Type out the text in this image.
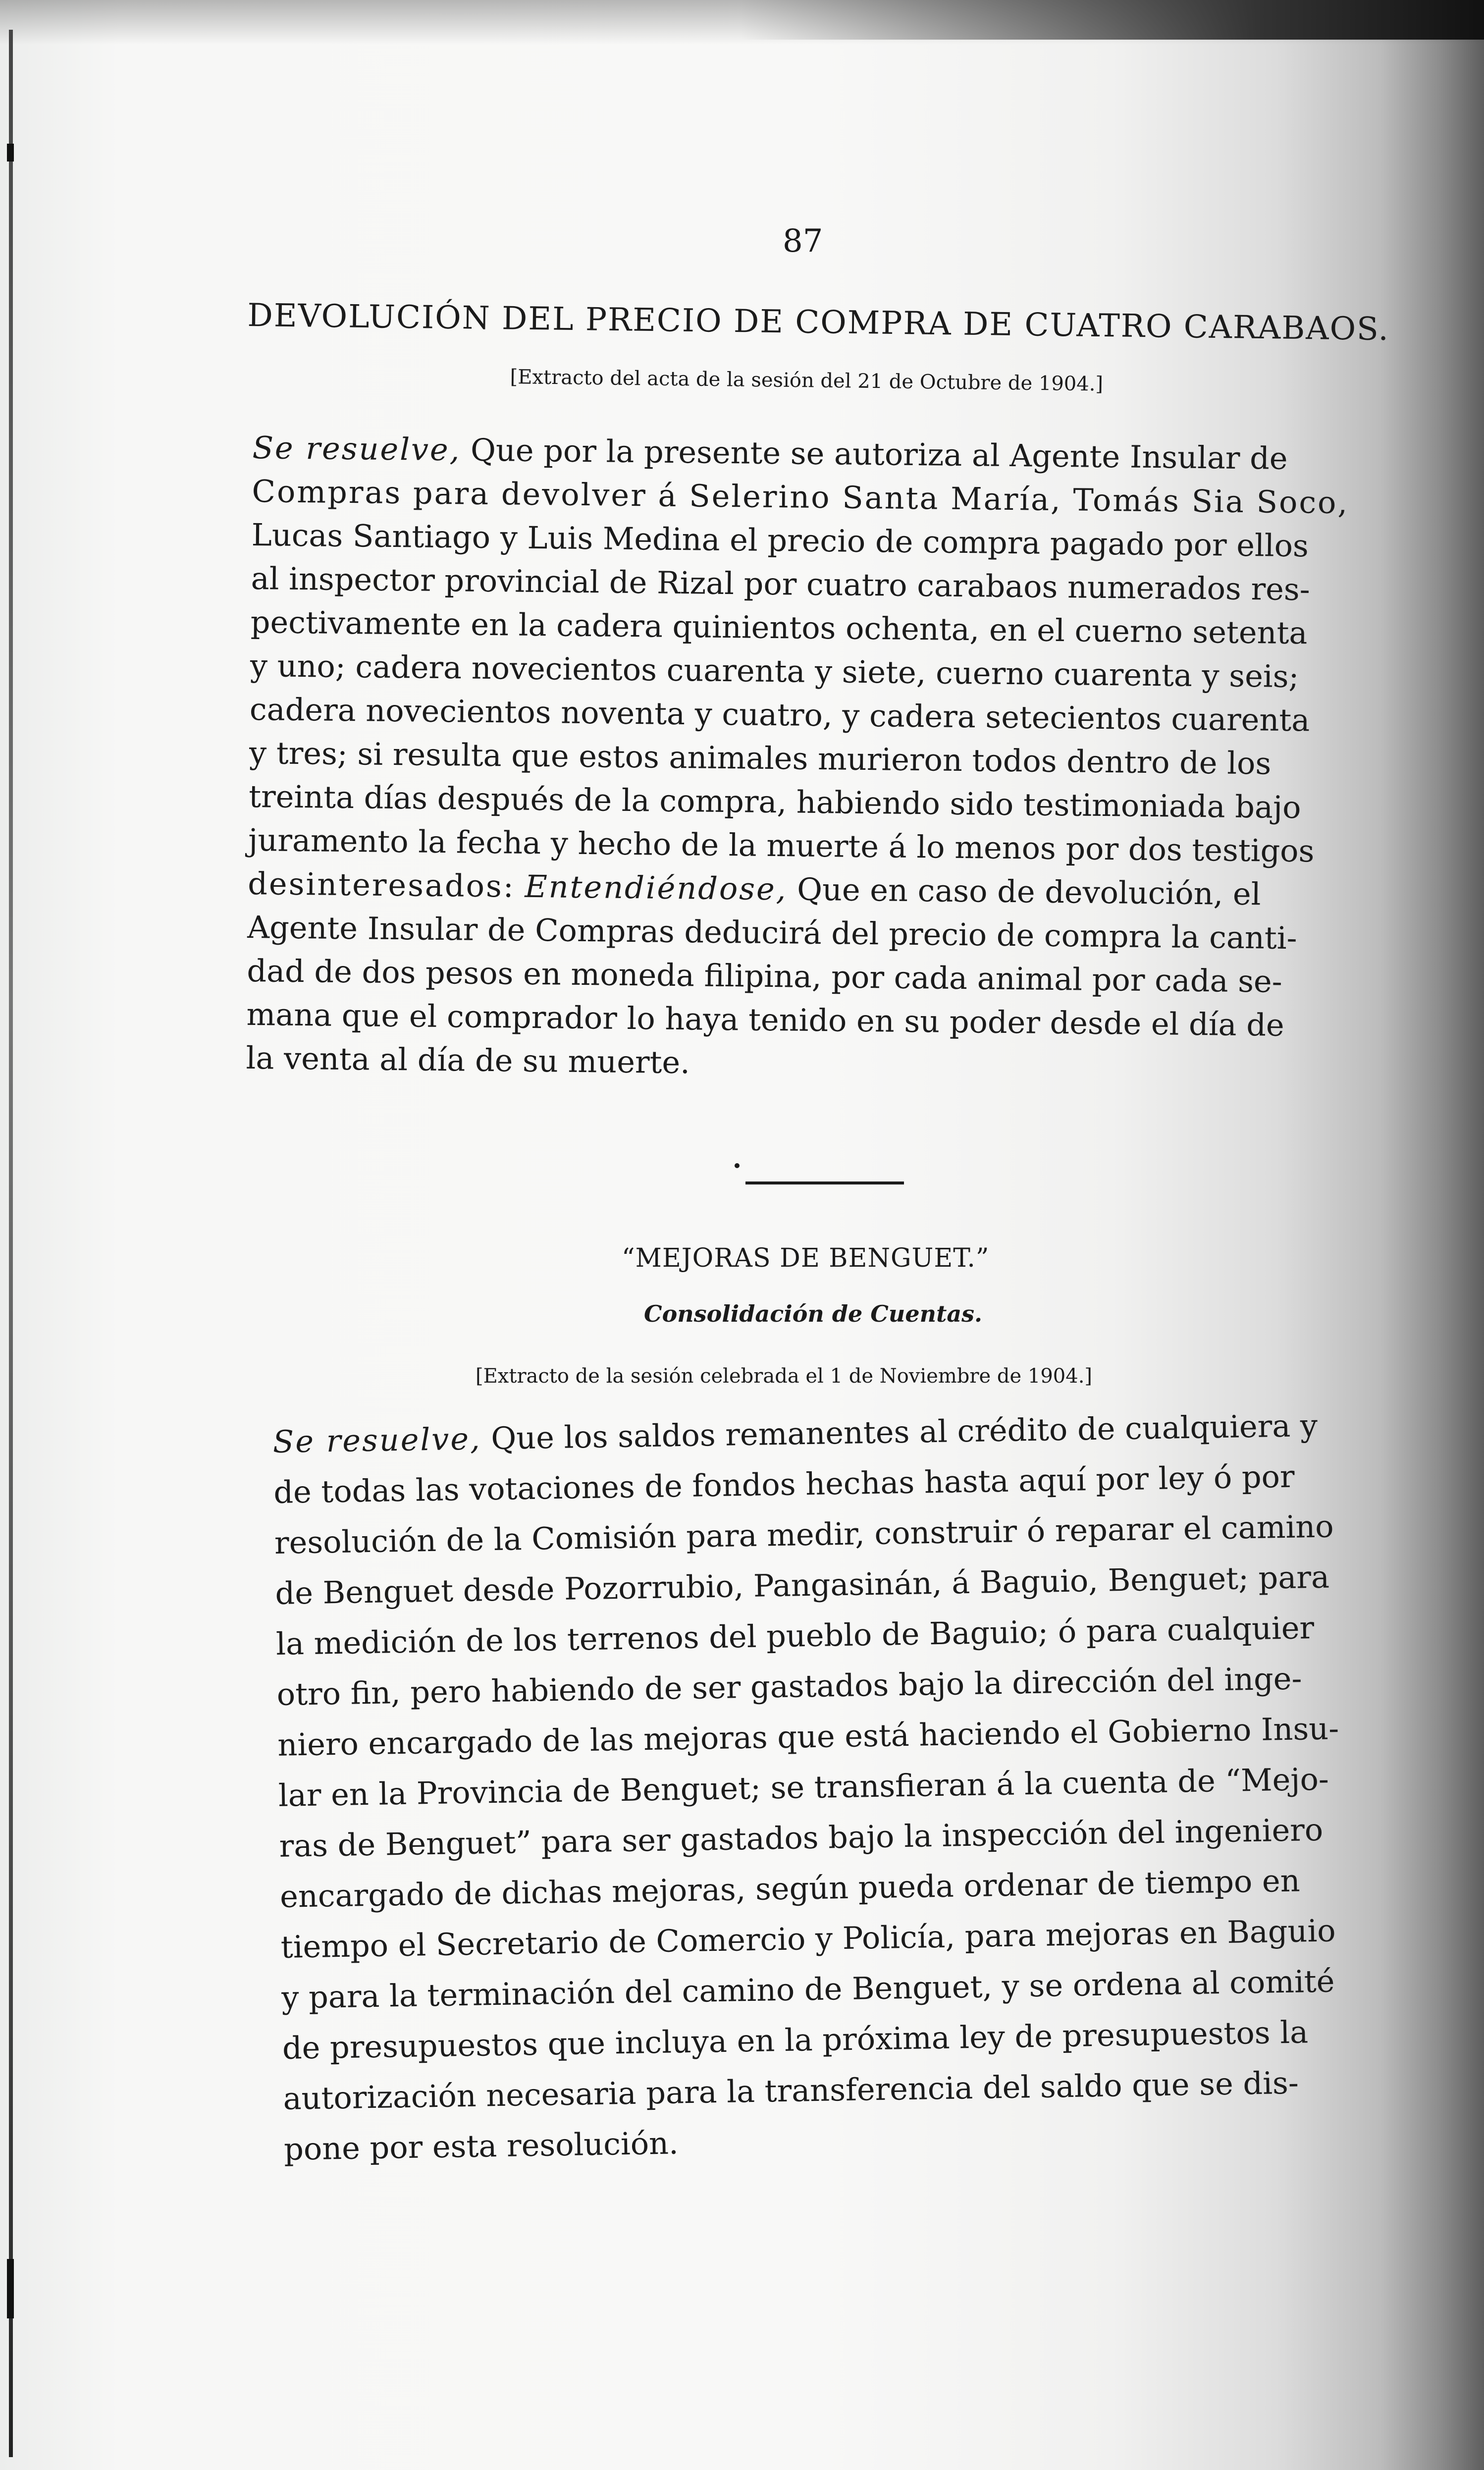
87
DEVOLUCIÓN DEL PRECIO DE COMPRA DE CUATRO CARABAOS.
[Extracto del acta de la sesión del 21 de Octubre de 1904.]
Se resuelve, Que por la presente se autoriza al Agente Insular de
Compras para devolver á Selerino Santa María, Tomás Sia Soco,
Lucas Santiago y Luis Medina el precio de compra pagado por ellos
al inspector provincial de Rizal por cuatro carabaos numerados res-
pectivamente en la cadera quinientos ochenta, en el cuerno setenta
y uno; cadera novecientos cuarenta y siete, cuerno cuarenta y seis;
cadera novecientos noventa y cuatro, y cadera setecientos cuarenta
y tres; si resulta que estos animales murieron todos dentro de los
treinta días después de la compra, habiendo sido testimoniada bajo
juramento la fecha y hecho de la muerte á lo menos por dos testigos
desinteresados: Entendiéndose, Que en caso de devolución, el
Agente Insular de Compras deducirá del precio de compra la canti-
dad de dos pesos en moneda filipina, por cada animal por cada se-
mana que el comprador lo haya tenido en su poder desde el día de
la venta al día de su muerte.
“MEJORAS DE BENGUET.”
Consolidación de Cuentas.
[Extracto de la sesión celebrada el 1 de Noviembre de 1904.]
Se resuelve, Que los saldos remanentes al crédito de cualquiera y
de todas las votaciones de fondos hechas hasta aquí por ley ó por
resolución de la Comisión para medir, construir ó reparar el camino
de Benguet desde Pozorrubio, Pangasinán, á Baguio, Benguet; para
la medición de los terrenos del pueblo de Baguio; ó para cualquier
otro fin, pero habiendo de ser gastados bajo la dirección del inge-
niero encargado de las mejoras que está haciendo el Gobierno Insu-
lar en la Provincia de Benguet; se transfieran á la cuenta de “Mejo-
ras de Benguet” para ser gastados bajo la inspección del ingeniero
encargado de dichas mejoras, según pueda ordenar de tiempo en
tiempo el Secretario de Comercio y Policía, para mejoras en Baguio
y para la terminación del camino de Benguet, y se ordena al comité
de presupuestos que incluya en la próxima ley de presupuestos la
autorización necesaria para la transferencia del saldo que se dis-
pone por esta resolución.
